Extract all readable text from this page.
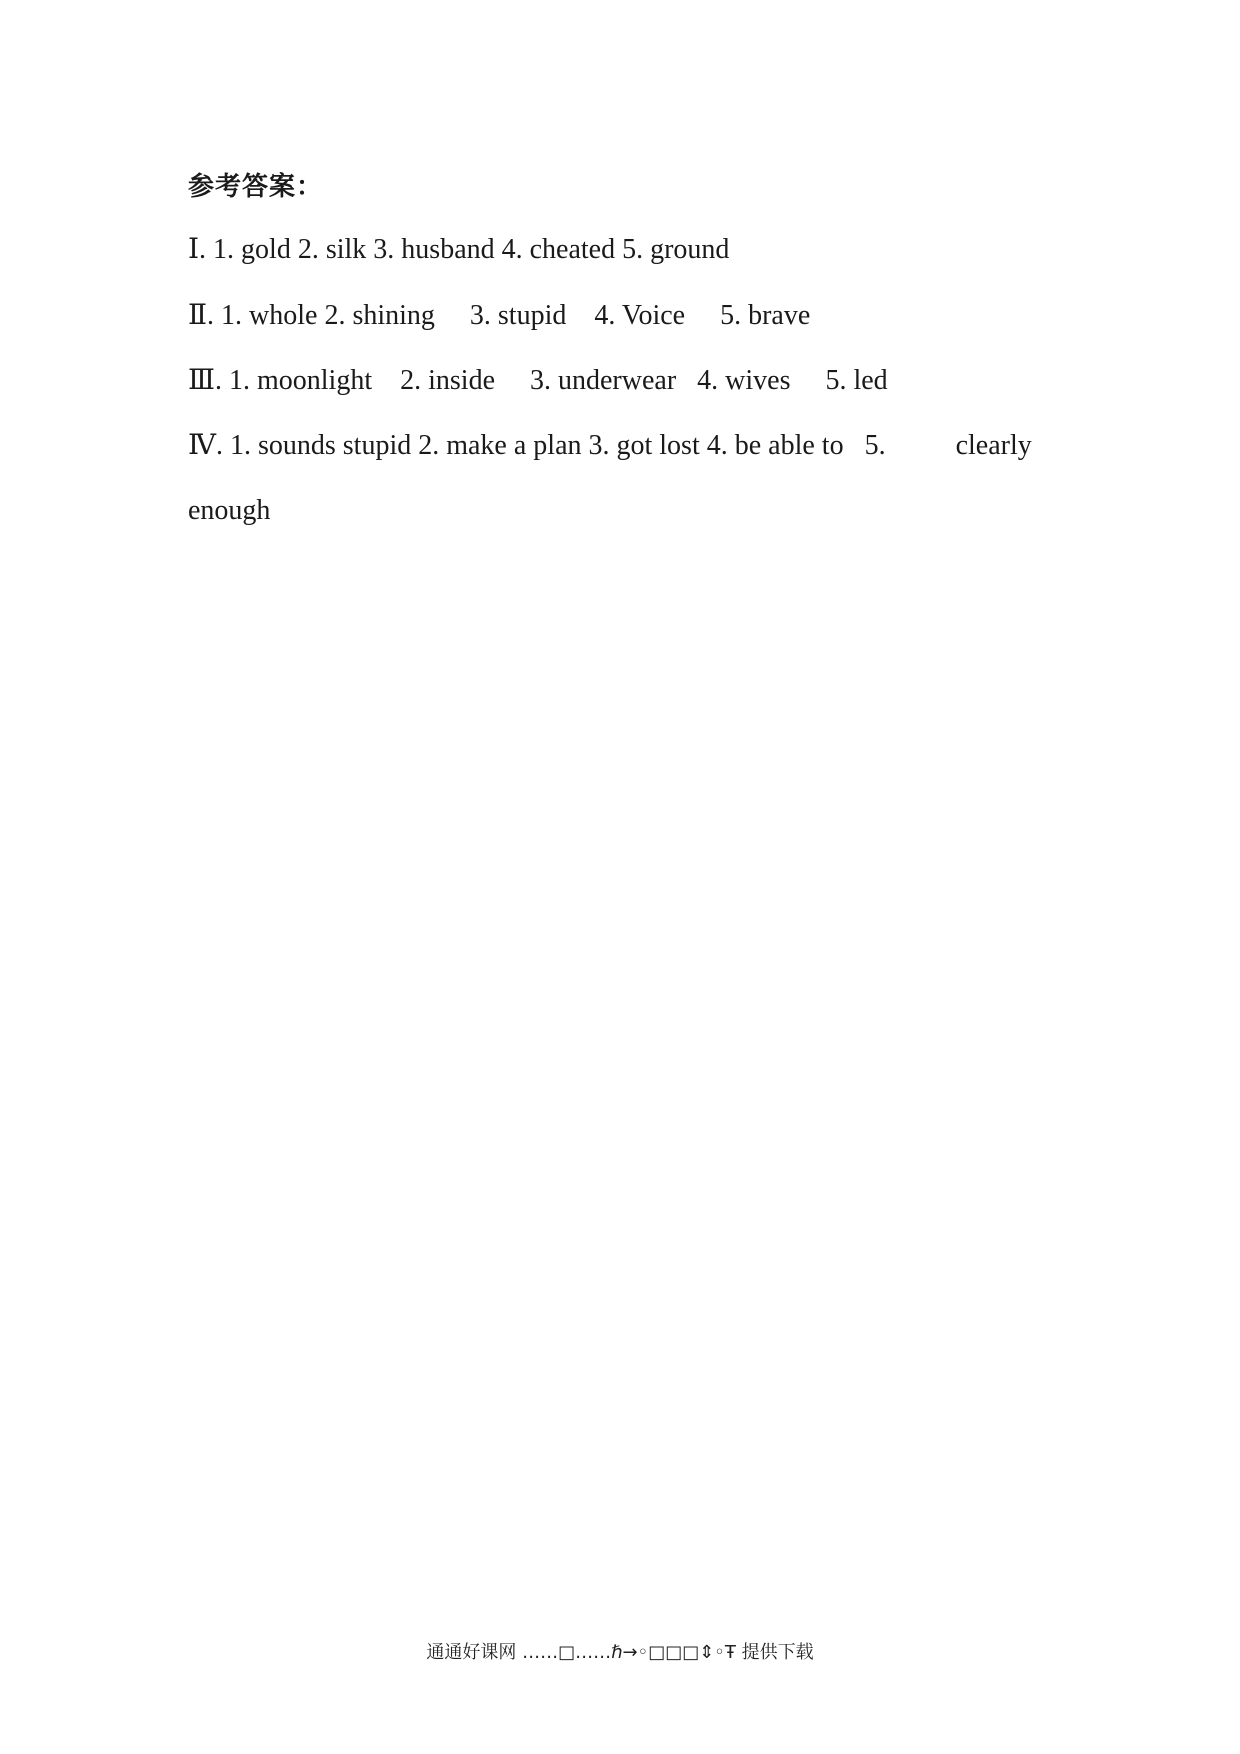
参考答案：
Ⅰ. 1. gold 2. silk 3. husband 4. cheated 5. ground
Ⅱ. 1. whole 2. shining     3. stupid    4. Voice     5. brave
Ⅲ. 1. moonlight    2. inside     3. underwear   4. wives     5. led
Ⅳ. 1. sounds stupid 2. make a plan 3. got lost 4. be able to   5.          clearly
enough
通通好课网 ……□……ℏ→◦□□□⇕◦Ŧ 提供下载
